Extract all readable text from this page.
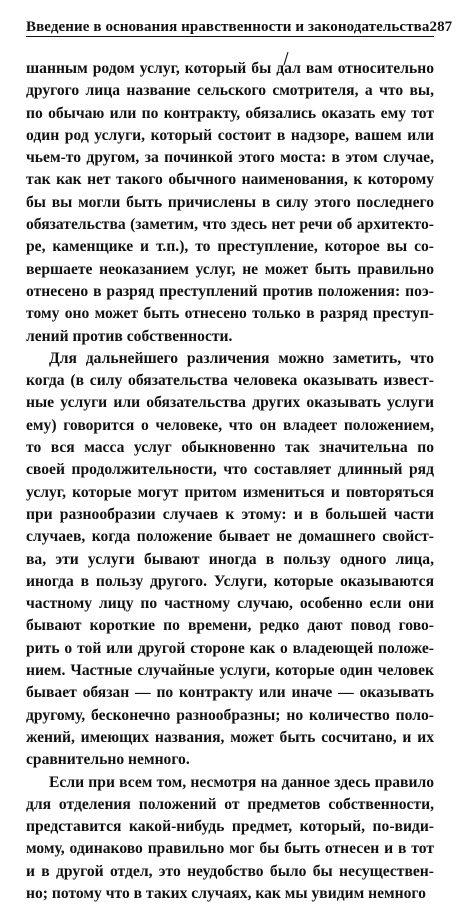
Введение в основания нравственности и законодательства 287
шанным родом услуг, который бы дал вам относительно
другого лица название сельского смотрителя, а что вы,
по обычаю или по контракту, обязались оказать ему тот
один род услуги, который состоит в надзоре, вашем или
чьем-то другом, за починкой этого моста: в этом случае,
так как нет такого обычного наименования, к которому
бы вы могли быть причислены в силу этого последнего
обязательства (заметим, что здесь нет речи об архитекто-
ре, каменщике и т.п.), то преступление, которое вы со-
вершаете неоказанием услуг, не может быть правильно
отнесено в разряд преступлений против положения: поэ-
тому оно может быть отнесено только в разряд преступ-
лений против собственности.
Для дальнейшего различения можно заметить, что
когда (в силу обязательства человека оказывать извест-
ные услуги или обязательства других оказывать услуги
ему) говорится о человеке, что он владеет положением,
то вся масса услуг обыкновенно так значительна по
своей продолжительности, что составляет длинный ряд
услуг, которые могут притом измениться и повторяться
при разнообразии случаев к этому: и в большей части
случаев, когда положение бывает не домашнего свойст-
ва, эти услуги бывают иногда в пользу одного лица,
иногда в пользу другого. Услуги, которые оказываются
частному лицу по частному случаю, особенно если они
бывают короткие по времени, редко дают повод гово-
рить о той или другой стороне как о владеющей положе-
нием. Частные случайные услуги, которые один человек
бывает обязан — по контракту или иначе — оказывать
другому, бесконечно разнообразны; но количество поло-
жений, имеющих названия, может быть сосчитано, и их
сравнительно немного.
Если при всем том, несмотря на данное здесь правило
для отделения положений от предметов собственности,
представится какой-нибудь предмет, который, по-види-
мому, одинаково правильно мог бы быть отнесен и в тот
и в другой отдел, это неудобство было бы несуществен-
но; потому что в таких случаях, как мы увидим немного
